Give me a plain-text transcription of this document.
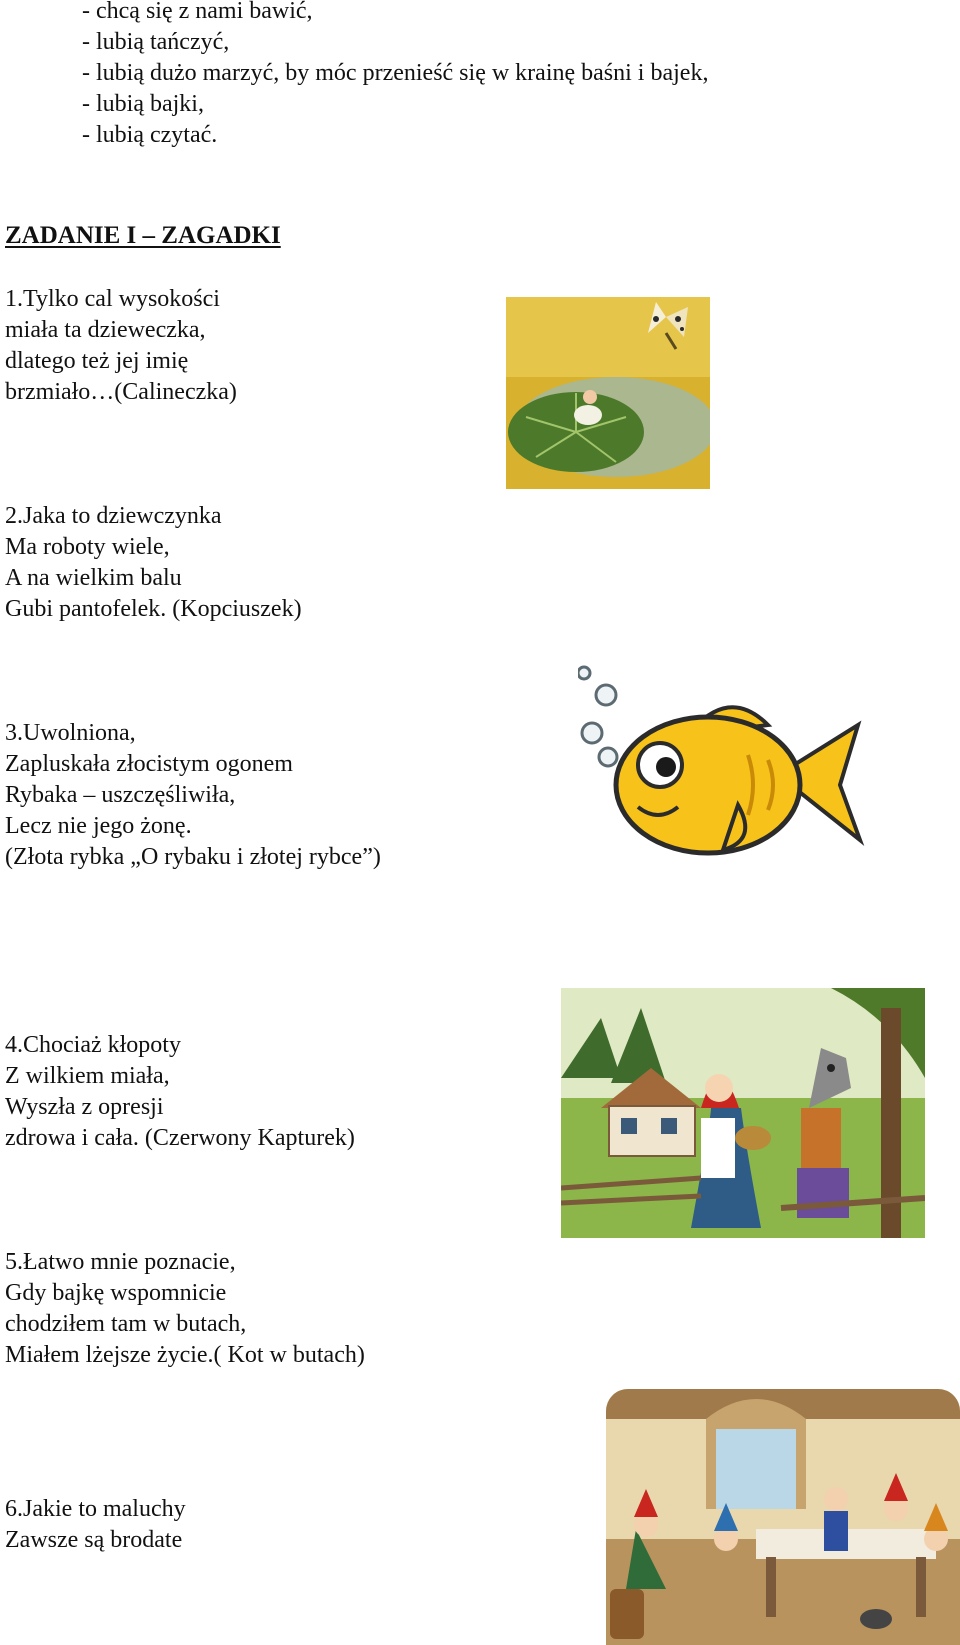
- chcą się z nami bawić,
- lubią tańczyć,
- lubią dużo marzyć, by móc przenieść się w krainę baśni i bajek,
- lubią bajki,
- lubią czytać.
ZADANIE I – ZAGADKI
1.Tylko cal wysokości
miała ta dzieweczka,
dlatego też jej imię
brzmiało…(Calineczka)
2.Jaka to dziewczynka
Ma roboty wiele,
A na wielkim balu
Gubi pantofelek. (Kopciuszek)
3.Uwolniona,
Zapluskała złocistym ogonem
Rybaka – uszczęśliwiła,
Lecz nie jego żonę.
(Złota rybka „O rybaku i złotej rybce”)
4.Chociaż kłopoty
Z wilkiem miała,
Wyszła z opresji
zdrowa i cała. (Czerwony Kapturek)
5.Łatwo mnie poznacie,
Gdy bajkę wspomnicie
chodziłem tam w butach,
Miałem lżejsze życie.( Kot w butach)
6.Jakie to maluchy
Zawsze są brodate
